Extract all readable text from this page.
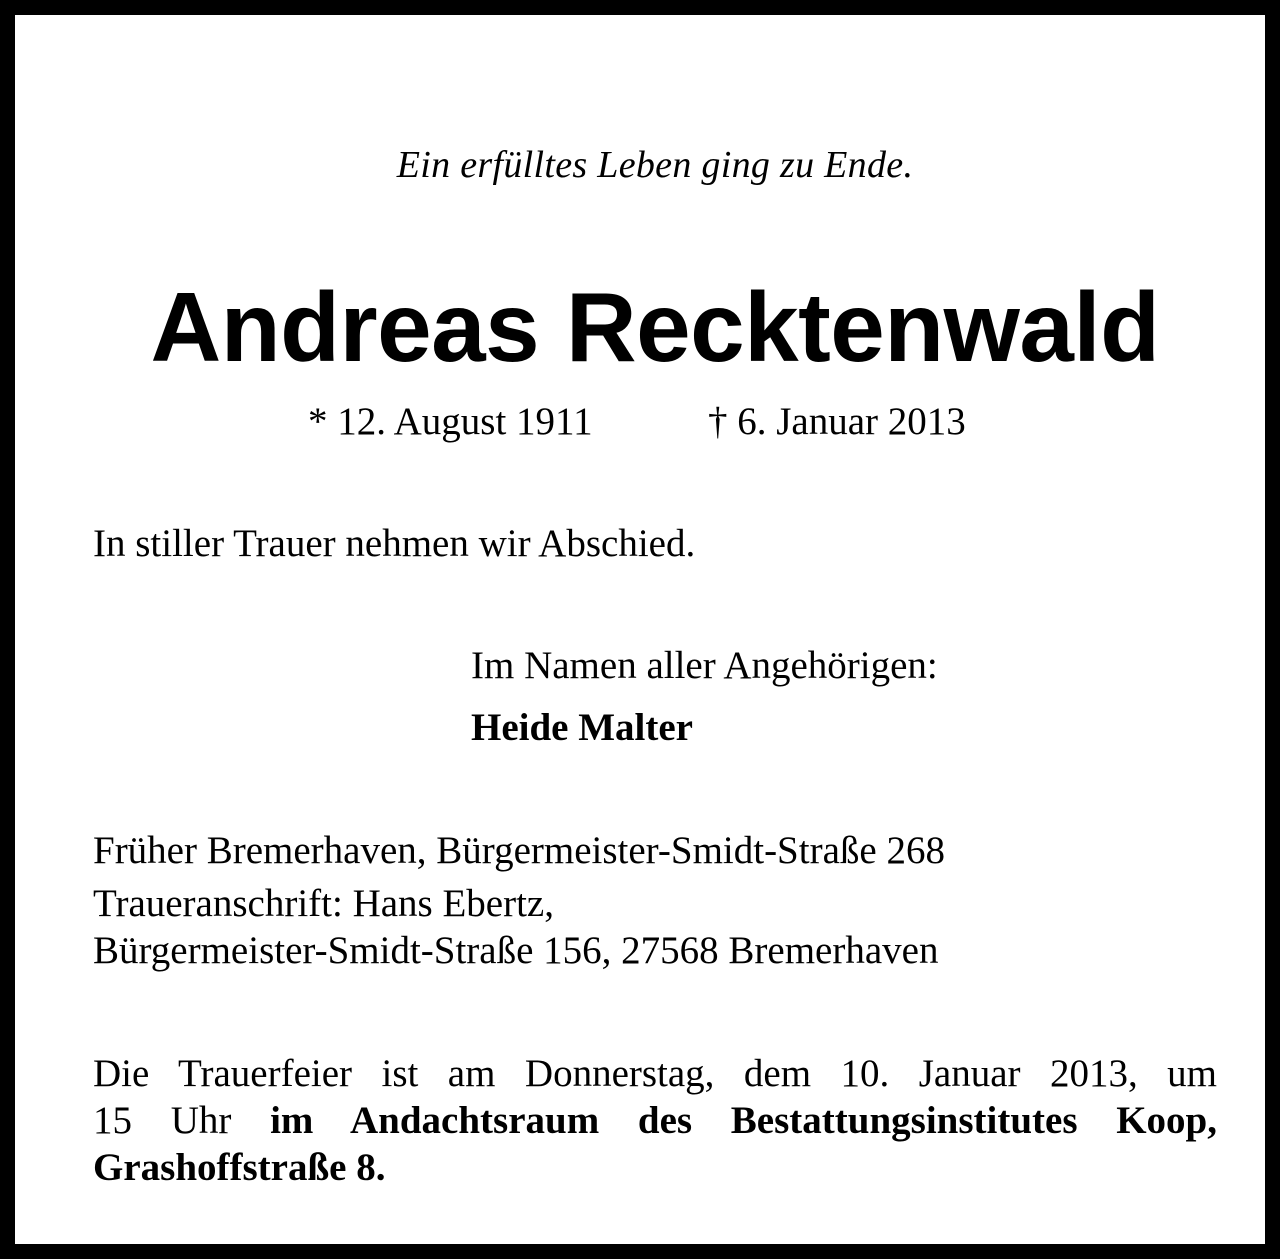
Ein erfülltes Leben ging zu Ende.
Andreas Recktenwald
* 12. August 1911	† 6. Januar 2013
In stiller Trauer nehmen wir Abschied.
Im Namen aller Angehörigen:
Heide Malter
Früher Bremerhaven, Bürgermeister-Smidt-Straße 268
Traueranschrift: Hans Ebertz,
Bürgermeister-Smidt-Straße 156, 27568 Bremerhaven
Die Trauerfeier ist am Donnerstag, dem 10. Januar 2013, um
15 Uhr im Andachtsraum des Bestattungsinstitutes Koop,
Grashoffstraße 8.
